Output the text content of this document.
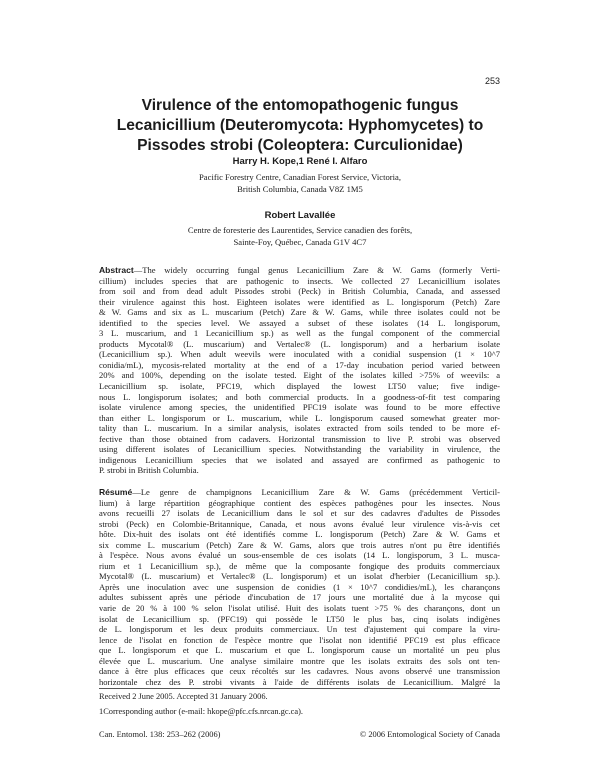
253
Virulence of the entomopathogenic fungus
Lecanicillium (Deuteromycota: Hyphomycetes) to
Pissodes strobi (Coleoptera: Curculionidae)
Harry H. Kope,1 René I. Alfaro
Pacific Forestry Centre, Canadian Forest Service, Victoria,
British Columbia, Canada V8Z 1M5
Robert Lavallée
Centre de foresterie des Laurentides, Service canadien des forêts,
Sainte-Foy, Québec, Canada G1V 4C7
Abstract—The widely occurring fungal genus Lecanicillium Zare & W. Gams (formerly Verti-
cillium) includes species that are pathogenic to insects. We collected 27 Lecanicillium isolates
from soil and from dead adult Pissodes strobi (Peck) in British Columbia, Canada, and assessed
their virulence against this host. Eighteen isolates were identified as L. longisporum (Petch) Zare
& W. Gams and six as L. muscarium (Petch) Zare & W. Gams, while three isolates could not be
identified to the species level. We assayed a subset of these isolates (14 L. longisporum,
3 L. muscarium, and 1 Lecanicillium sp.) as well as the fungal component of the commercial
products Mycotal® (L. muscarium) and Vertalec® (L. longisporum) and a herbarium isolate
(Lecanicillium sp.). When adult weevils were inoculated with a conidial suspension (1 × 10^7
conidia/mL), mycosis-related mortality at the end of a 17-day incubation period varied between
20% and 100%, depending on the isolate tested. Eight of the isolates killed >75% of weevils: a
Lecanicillium sp. isolate, PFC19, which displayed the lowest LT50 value; five indige-
nous L. longisporum isolates; and both commercial products. In a goodness-of-fit test comparing
isolate virulence among species, the unidentified PFC19 isolate was found to be more effective
than either L. longisporum or L. muscarium, while L. longisporum caused somewhat greater mor-
tality than L. muscarium. In a similar analysis, isolates extracted from soils tended to be more ef-
fective than those obtained from cadavers. Horizontal transmission to live P. strobi was observed
using different isolates of Lecanicillium species. Notwithstanding the variability in virulence, the
indigenous Lecanicillium species that we isolated and assayed are confirmed as pathogenic to
P. strobi in British Columbia.
Résumé—Le genre de champignons Lecanicillium Zare & W. Gams (précédemment Verticil-
lium) à large répartition géographique contient des espèces pathogènes pour les insectes. Nous
avons recueilli 27 isolats de Lecanicillium dans le sol et sur des cadavres d'adultes de Pissodes
strobi (Peck) en Colombie-Britannique, Canada, et nous avons évalué leur virulence vis-à-vis cet
hôte. Dix-huit des isolats ont été identifiés comme L. longisporum (Petch) Zare & W. Gams et
six comme L. muscarium (Petch) Zare & W. Gams, alors que trois autres n'ont pu être identifiés
à l'espèce. Nous avons évalué un sous-ensemble de ces isolats (14 L. longisporum, 3 L. musca-
rium et 1 Lecanicillium sp.), de même que la composante fongique des produits commerciaux
Mycotal® (L. muscarium) et Vertalec® (L. longisporum) et un isolat d'herbier (Lecanicillium sp.).
Après une inoculation avec une suspension de conidies (1 × 10^7 condidies/mL), les charançons
adultes subissent après une période d'incubation de 17 jours une mortalité due à la mycose qui
varie de 20 % à 100 % selon l'isolat utilisé. Huit des isolats tuent >75 % des charançons, dont un
isolat de Lecanicillium sp. (PFC19) qui possède le LT50 le plus bas, cinq isolats indigènes
de L. longisporum et les deux produits commerciaux. Un test d'ajustement qui compare la viru-
lence de l'isolat en fonction de l'espèce montre que l'isolat non identifié PFC19 est plus efficace
que L. longisporum et que L. muscarium et que L. longisporum cause un mortalité un peu plus
élevée que L. muscarium. Une analyse similaire montre que les isolats extraits des sols ont ten-
dance à être plus efficaces que ceux récoltés sur les cadavres. Nous avons observé une transmission
horizontale chez des P. strobi vivants à l'aide de différents isolats de Lecanicillium. Malgré la
Received 2 June 2005. Accepted 31 January 2006.
1Corresponding author (e-mail: hkope@pfc.cfs.nrcan.gc.ca).
Can. Entomol. 138: 253–262 (2006)	© 2006 Entomological Society of Canada
